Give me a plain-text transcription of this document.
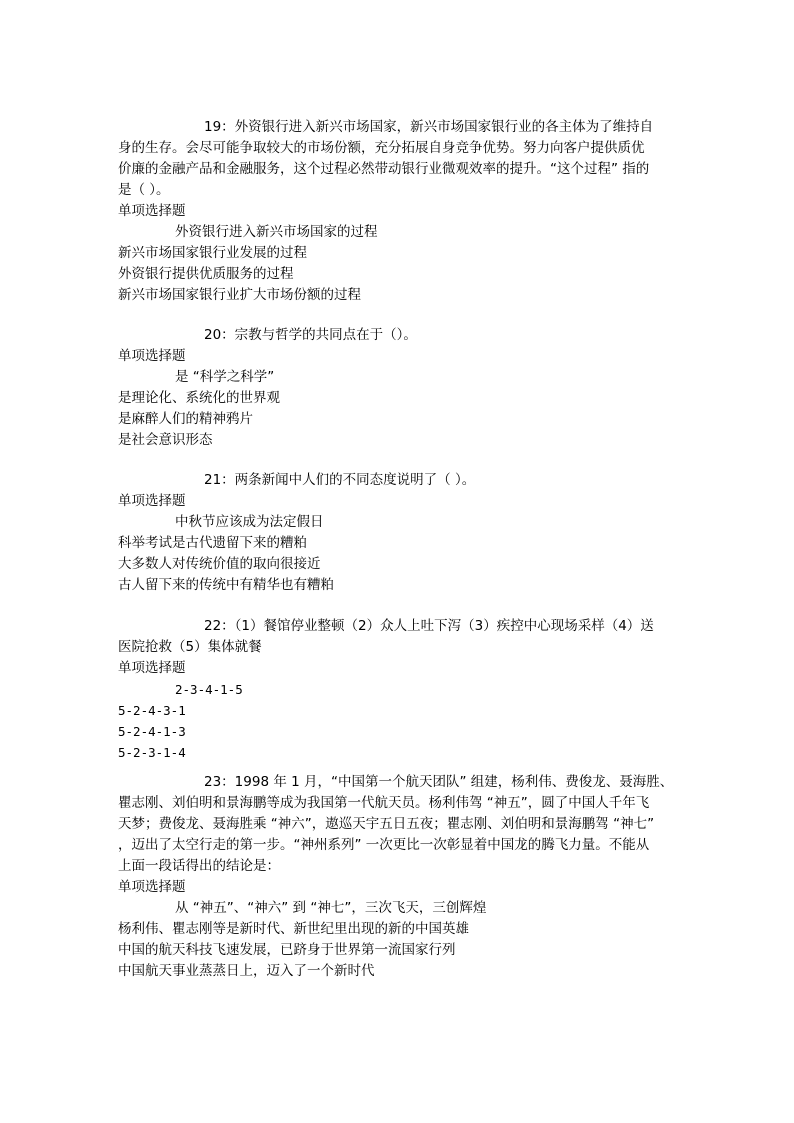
19：外资银行进入新兴市场国家，新兴市场国家银行业的各主体为了维持自
身的生存。会尽可能争取较大的市场份额，充分拓展自身竞争优势。努力向客户提供质优
价廉的金融产品和金融服务，这个过程必然带动银行业微观效率的提升。“这个过程” 指的
是（ ）。
单项选择题
外资银行进入新兴市场国家的过程
新兴市场国家银行业发展的过程
外资银行提供优质服务的过程
新兴市场国家银行业扩大市场份额的过程
20：宗教与哲学的共同点在于（）。
单项选择题
是 “科学之科学”
是理论化、系统化的世界观
是麻醉人们的精神鸦片
是社会意识形态
21：两条新闻中人们的不同态度说明了（ ）。
单项选择题
中秋节应该成为法定假日
科举考试是古代遗留下来的糟粕
大多数人对传统价值的取向很接近
古人留下来的传统中有精华也有糟粕
22：（1）餐馆停业整顿（2）众人上吐下泻（3）疾控中心现场采样（4）送
医院抢救（5）集体就餐
单项选择题
2-3-4-1-5
5-2-4-3-1
5-2-4-1-3
5-2-3-1-4
23：1998 年 1 月，“中国第一个航天团队” 组建，杨利伟、费俊龙、聂海胜、
瞿志刚、刘伯明和景海鹏等成为我国第一代航天员。杨利伟驾 “神五”，圆了中国人千年飞
天梦；费俊龙、聂海胜乘 “神六”，遨巡天宇五日五夜；瞿志刚、刘伯明和景海鹏驾 “神七”
，迈出了太空行走的第一步。“神州系列” 一次更比一次彰显着中国龙的腾飞力量。不能从
上面一段话得出的结论是：
单项选择题
从 “神五”、“神六” 到 “神七”，三次飞天，三创辉煌
杨利伟、瞿志刚等是新时代、新世纪里出现的新的中国英雄
中国的航天科技飞速发展，已跻身于世界第一流国家行列
中国航天事业蒸蒸日上，迈入了一个新时代
